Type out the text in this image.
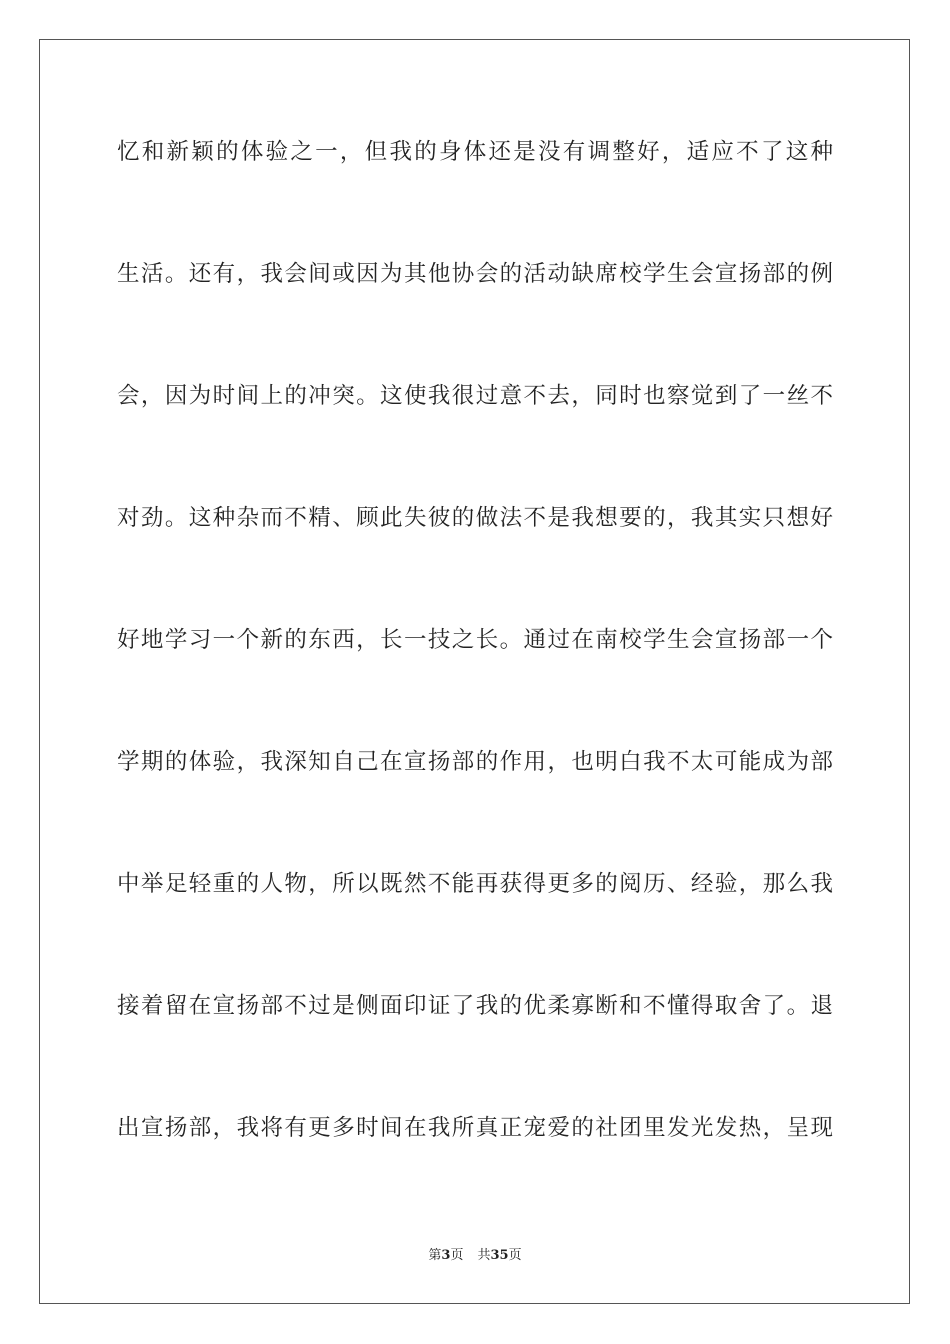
忆和新颖的体验之一，但我的身体还是没有调整好，适应不了这种
生活。还有，我会间或因为其他协会的活动缺席校学生会宣扬部的例
会，因为时间上的冲突。这使我很过意不去，同时也察觉到了一丝不
对劲。这种杂而不精、顾此失彼的做法不是我想要的，我其实只想好
好地学习一个新的东西，长一技之长。通过在南校学生会宣扬部一个
学期的体验，我深知自己在宣扬部的作用，也明白我不太可能成为部
中举足轻重的人物，所以既然不能再获得更多的阅历、经验，那么我
接着留在宣扬部不过是侧面印证了我的优柔寡断和不懂得取舍了。退
出宣扬部，我将有更多时间在我所真正宠爱的社团里发光发热，呈现
第3页 共35页
